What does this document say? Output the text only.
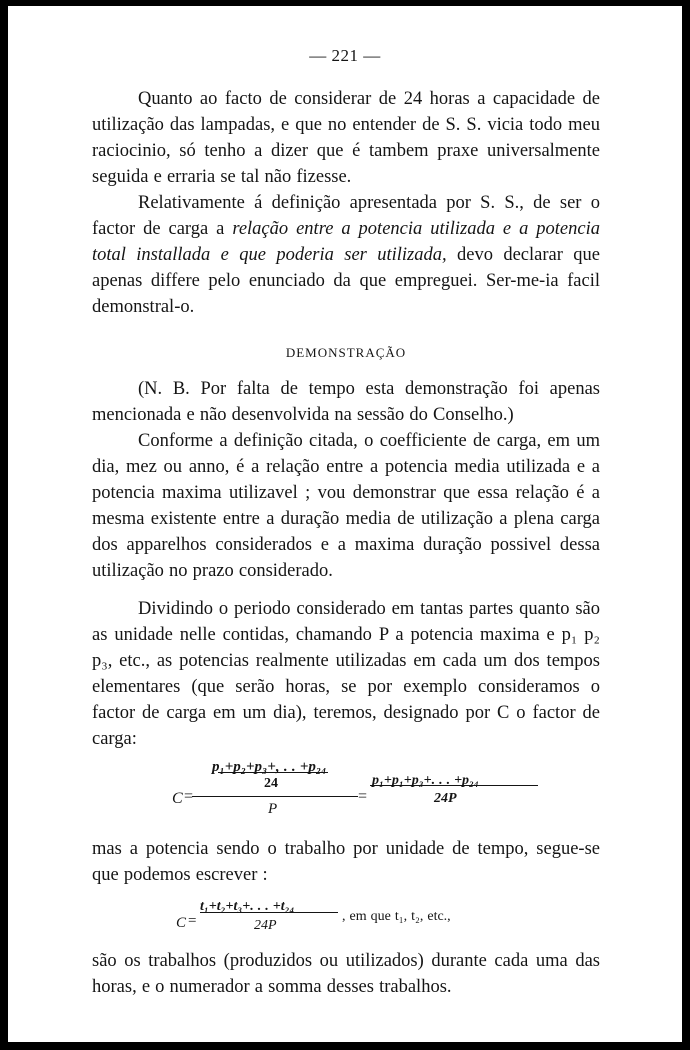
— 221 —

Quanto ao facto de considerar de 24 horas a capacidade de utilização das lampadas, e que no entender de S. S. vicia todo meu raciocinio, só tenho a dizer que é tambem praxe universalmente seguida e erraria se tal não fizesse.

Relativamente á definição apresentada por S. S., de ser o factor de carga a relação entre a potencia utilizada e a potencia total installada e que poderia ser utilizada, devo declarar que apenas differe pelo enunciado da que empreguei. Ser-me-ia facil demonstral-o.

DEMONSTRAÇÃO

(N. B. Por falta de tempo esta demonstração foi apenas mencionada e não desenvolvida na sessão do Conselho.)

Conforme a definição citada, o coefficiente de carga, em um dia, mez ou anno, é a relação entre a potencia media utilizada e a potencia maxima utilizavel ; vou demonstrar que essa relação é a mesma existente entre a duração media de utilização a plena carga dos apparelhos considerados e a maxima duração possivel dessa utilização no prazo considerado.

Dividindo o periodo considerado em tantas partes quanto são as unidade nelle contidas, chamando P a potencia maxima e p₁ p₂ p₃, etc., as potencias realmente utilizadas em cada um dos tempos elementares (que serão horas, se por exemplo consideramos o factor de carga em um dia), teremos, designado por C o factor de carga:

C =
p₁+p₂+p₃+, . . +p₂₄
24
P
=
p₁+p₁+p₃+. . . +p₂₄
24P

mas a potencia sendo o trabalho por unidade de tempo, segue-se que podemos escrever :

C =
t₁+t₂+t₃+. . . +t₂₄
24P
, em que t₁, t₂, etc.,

são os trabalhos (produzidos ou utilizados) durante cada uma das horas, e o numerador a somma desses trabalhos.
